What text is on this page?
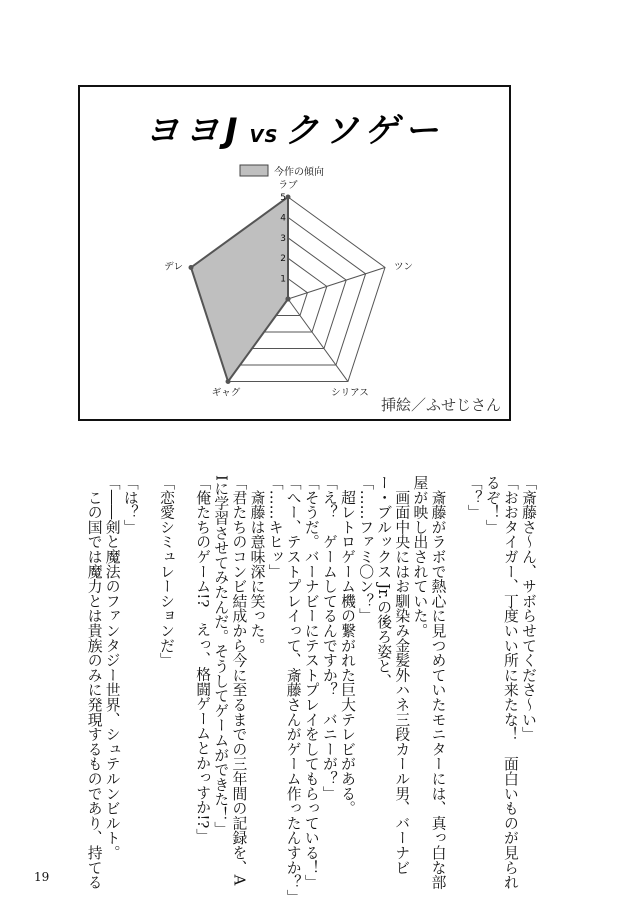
ヨヨJ VS クソゲー
1
2
3
4
5
ラブ
ツン
シリアス
ギャグ
デレ
今作の傾向
挿絵／ふせじさん
「斎藤さ〜ん、サボらせてくださ〜い」
「おおタイガー、丁度いい所に来たな！　面白いものが見られ
るぞ！」
「？」
　斎藤がラボで熱心に見つめていたモニターには、真っ白な部
屋が映し出されていた。
　画面中央にはお馴染み金髪外ハネ三段カール男、バーナビ
ー・ブルックス Jr.の後ろ姿と、
「……ファミ〇ン？」
　超レトロゲーム機の繋がれた巨大テレビがある。
「え？　ゲームしてるんですか？　バニーが？」
「そうだ。バーナビーにテストプレイをしてもらっている！」
「へー、テストプレイって、斎藤さんがゲーム作ったんすか？」
「……キヒッ」
　斎藤は意味深に笑った。
「君たちのコンビ結成から今に至るまでの三年間の記録を、A
Iに学習させてみたんだ。そうしてゲームができた！」
「俺たちのゲーム!?　えっ、格闘ゲームとかっすか!?」
「恋愛シミュレーションだ」
「は？」
「――剣と魔法のファンタジー世界、シュテルンビルト。
　この国では魔力とは貴族のみに発現するものであり、持てる
19
